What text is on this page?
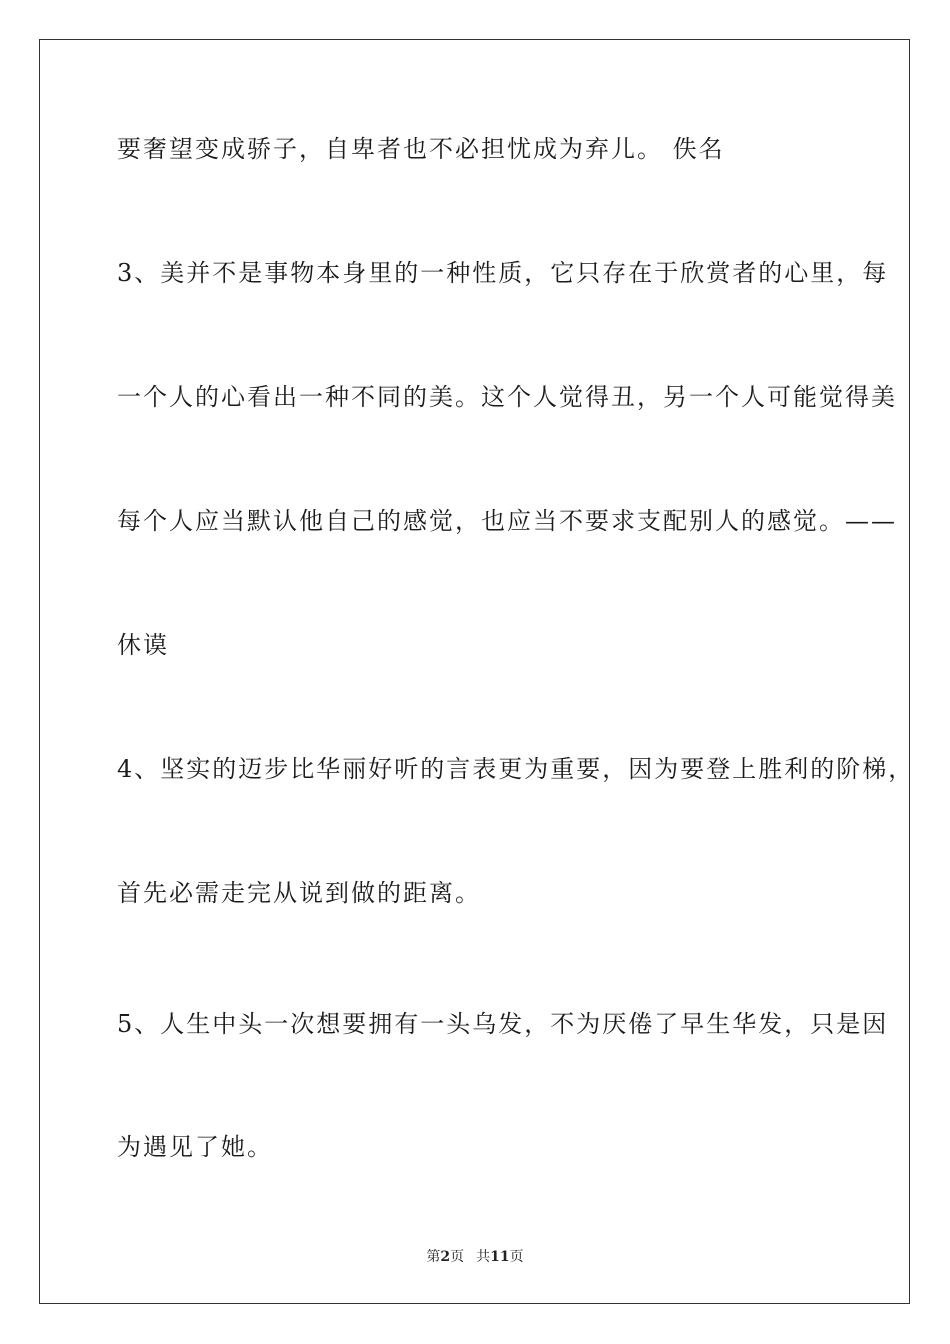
要奢望变成骄子，自卑者也不必担忧成为弃儿。 佚名
3、美并不是事物本身里的一种性质，它只存在于欣赏者的心里，每
一个人的心看出一种不同的美。这个人觉得丑，另一个人可能觉得美
每个人应当默认他自己的感觉，也应当不要求支配别人的感觉。——
休谟
4、坚实的迈步比华丽好听的言表更为重要，因为要登上胜利的阶梯，
首先必需走完从说到做的距离。
5、人生中头一次想要拥有一头乌发，不为厌倦了早生华发，只是因
为遇见了她。
第2页 共11页
